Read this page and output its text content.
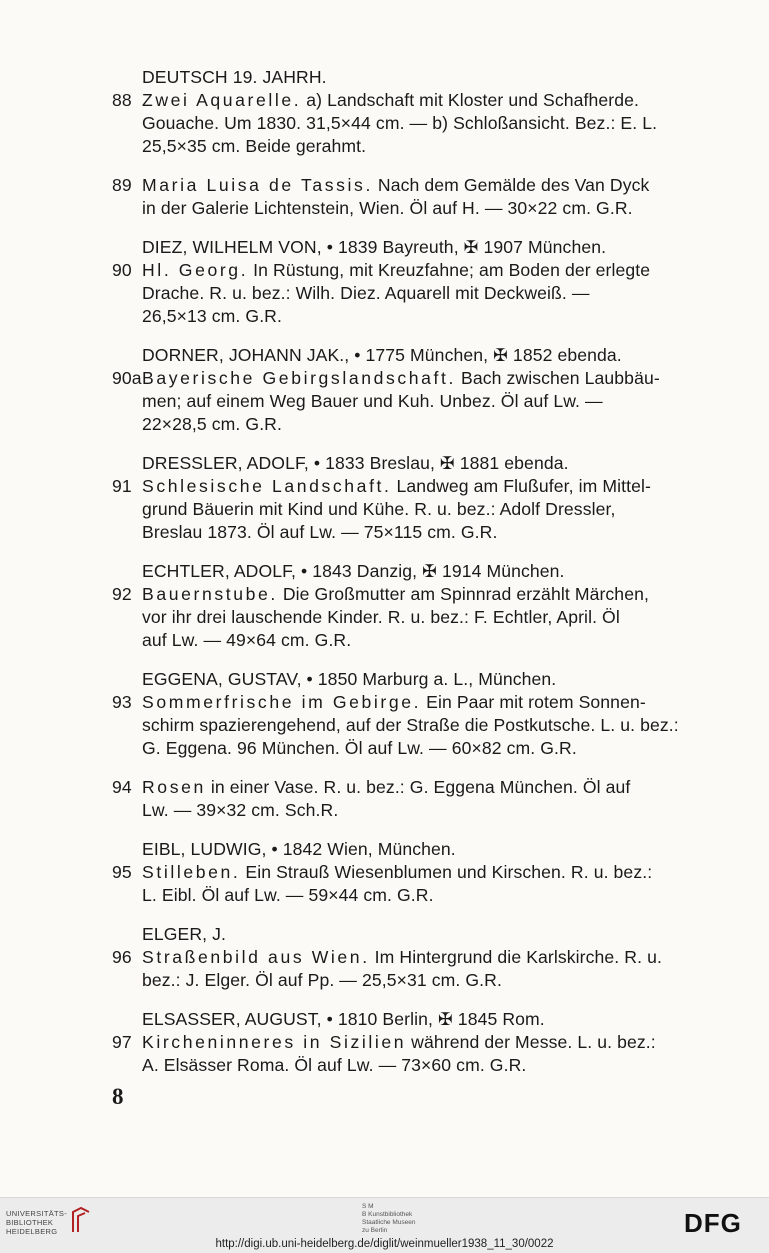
DEUTSCH 19. JAHRH.
88 Zwei Aquarelle. a) Landschaft mit Kloster und Schafherde.
Gouache. Um 1830. 31,5×44 cm. — b) Schloßansicht. Bez.: E. L.
25,5×35 cm. Beide gerahmt.
89 Maria Luisa de Tassis. Nach dem Gemälde des Van Dyck
in der Galerie Lichtenstein, Wien. Öl auf H. — 30×22 cm. G.R.
DIEZ, WILHELM VON, • 1839 Bayreuth, ✠ 1907 München.
90 Hl. Georg. In Rüstung, mit Kreuzfahne; am Boden der erlegte
Drache. R. u. bez.: Wilh. Diez. Aquarell mit Deckweiß. —
26,5×13 cm. G.R.
DORNER, JOHANN JAK., • 1775 München, ✠ 1852 ebenda.
90a Bayerische Gebirgslandschaft. Bach zwischen Laubbäu-
men; auf einem Weg Bauer und Kuh. Unbez. Öl auf Lw. —
22×28,5 cm. G.R.
DRESSLER, ADOLF, • 1833 Breslau, ✠ 1881 ebenda.
91 Schlesische Landschaft. Landweg am Flußufer, im Mittel-
grund Bäuerin mit Kind und Kühe. R. u. bez.: Adolf Dressler,
Breslau 1873. Öl auf Lw. — 75×115 cm. G.R.
ECHTLER, ADOLF, • 1843 Danzig, ✠ 1914 München.
92 Bauernstube. Die Großmutter am Spinnrad erzählt Märchen,
vor ihr drei lauschende Kinder. R. u. bez.: F. Echtler, April. Öl
auf Lw. — 49×64 cm. G.R.
EGGENA, GUSTAV, • 1850 Marburg a. L., München.
93 Sommerfrische im Gebirge. Ein Paar mit rotem Sonnen-
schirm spazierengehend, auf der Straße die Postkutsche. L. u. bez.:
G. Eggena. 96 München. Öl auf Lw. — 60×82 cm. G.R.
94 Rosen in einer Vase. R. u. bez.: G. Eggena München. Öl auf
Lw. — 39×32 cm. Sch.R.
EIBL, LUDWIG, • 1842 Wien, München.
95 Stilleben. Ein Strauß Wiesenblumen und Kirschen. R. u. bez.:
L. Eibl. Öl auf Lw. — 59×44 cm. G.R.
ELGER, J.
96 Straßenbild aus Wien. Im Hintergrund die Karlskirche. R. u.
bez.: J. Elger. Öl auf Pp. — 25,5×31 cm. G.R.
ELSASSER, AUGUST, • 1810 Berlin, ✠ 1845 Rom.
97 Kircheninneres in Sizilien während der Messe. L. u. bez.:
A. Elsässer Roma. Öl auf Lw. — 73×60 cm. G.R.
8
UNIVERSITÄTS-
BIBLIOTHEK
HEIDELBERG
S M
B Kunstbibliothek
Staatliche Museen
zu Berlin	DFG
http://digi.ub.uni-heidelberg.de/diglit/weinmueller1938_11_30/0022
